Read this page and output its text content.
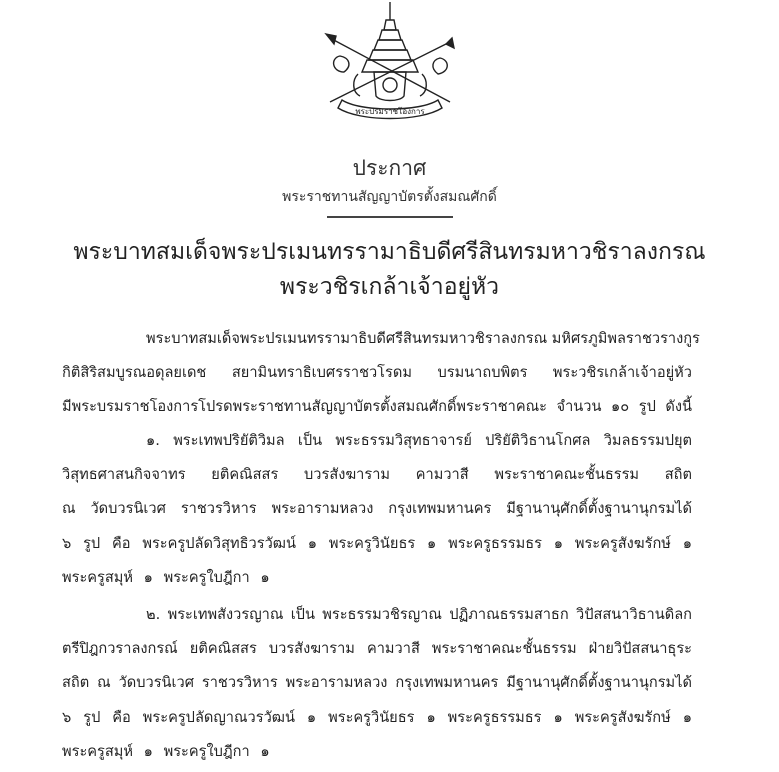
พระปรมราชโองการ
ประกาศ
พระราชทานสัญญาบัตรตั้งสมณศักดิ์
พระบาทสมเด็จพระปรเมนทรรามาธิบดีศรีสินทรมหาวชิราลงกรณ
พระวชิรเกล้าเจ้าอยู่หัว
พระบาทสมเด็จพระปรเมนทรรามาธิบดีศรีสินทรมหาวชิราลงกรณ มหิศรภูมิพลราชวรางกูร
กิติสิริสมบูรณอดุลยเดช สยามินทราธิเบศรราชวโรดม บรมนาถบพิตร พระวชิรเกล้าเจ้าอยู่หัว
มีพระบรมราชโองการโปรดพระราชทานสัญญาบัตรตั้งสมณศักดิ์พระราชาคณะ จำนวน ๑๐ รูป ดังนี้
๑. พระเทพปริยัติวิมล เป็น พระธรรมวิสุทธาจารย์ ปริยัติวิธานโกศล วิมลธรรมปยุต
วิสุทธศาสนกิจจาทร ยติคณิสสร บวรสังฆาราม คามวาสี พระราชาคณะชั้นธรรม สถิต
ณ วัดบวรนิเวศ ราชวรวิหาร พระอารามหลวง กรุงเทพมหานคร มีฐานานุศักดิ์ตั้งฐานานุกรมได้
๖ รูป คือ พระครูปลัดวิสุทธิวรวัฒน์ ๑ พระครูวินัยธร ๑ พระครูธรรมธร ๑ พระครูสังฆรักษ์ ๑
พระครูสมุห์ ๑ พระครูใบฎีกา ๑
๒. พระเทพสังวรญาณ เป็น พระธรรมวชิรญาณ ปฏิภาณธรรมสาธก วิปัสสนาวิธานดิลก
ตรีปิฎกวราลงกรณ์ ยติคณิสสร บวรสังฆาราม คามวาสี พระราชาคณะชั้นธรรม ฝ่ายวิปัสสนาธุระ
สถิต ณ วัดบวรนิเวศ ราชวรวิหาร พระอารามหลวง กรุงเทพมหานคร มีฐานานุศักดิ์ตั้งฐานานุกรมได้
๖ รูป คือ พระครูปลัดญาณวรวัฒน์ ๑ พระครูวินัยธร ๑ พระครูธรรมธร ๑ พระครูสังฆรักษ์ ๑
พระครูสมุห์ ๑ พระครูใบฎีกา ๑
